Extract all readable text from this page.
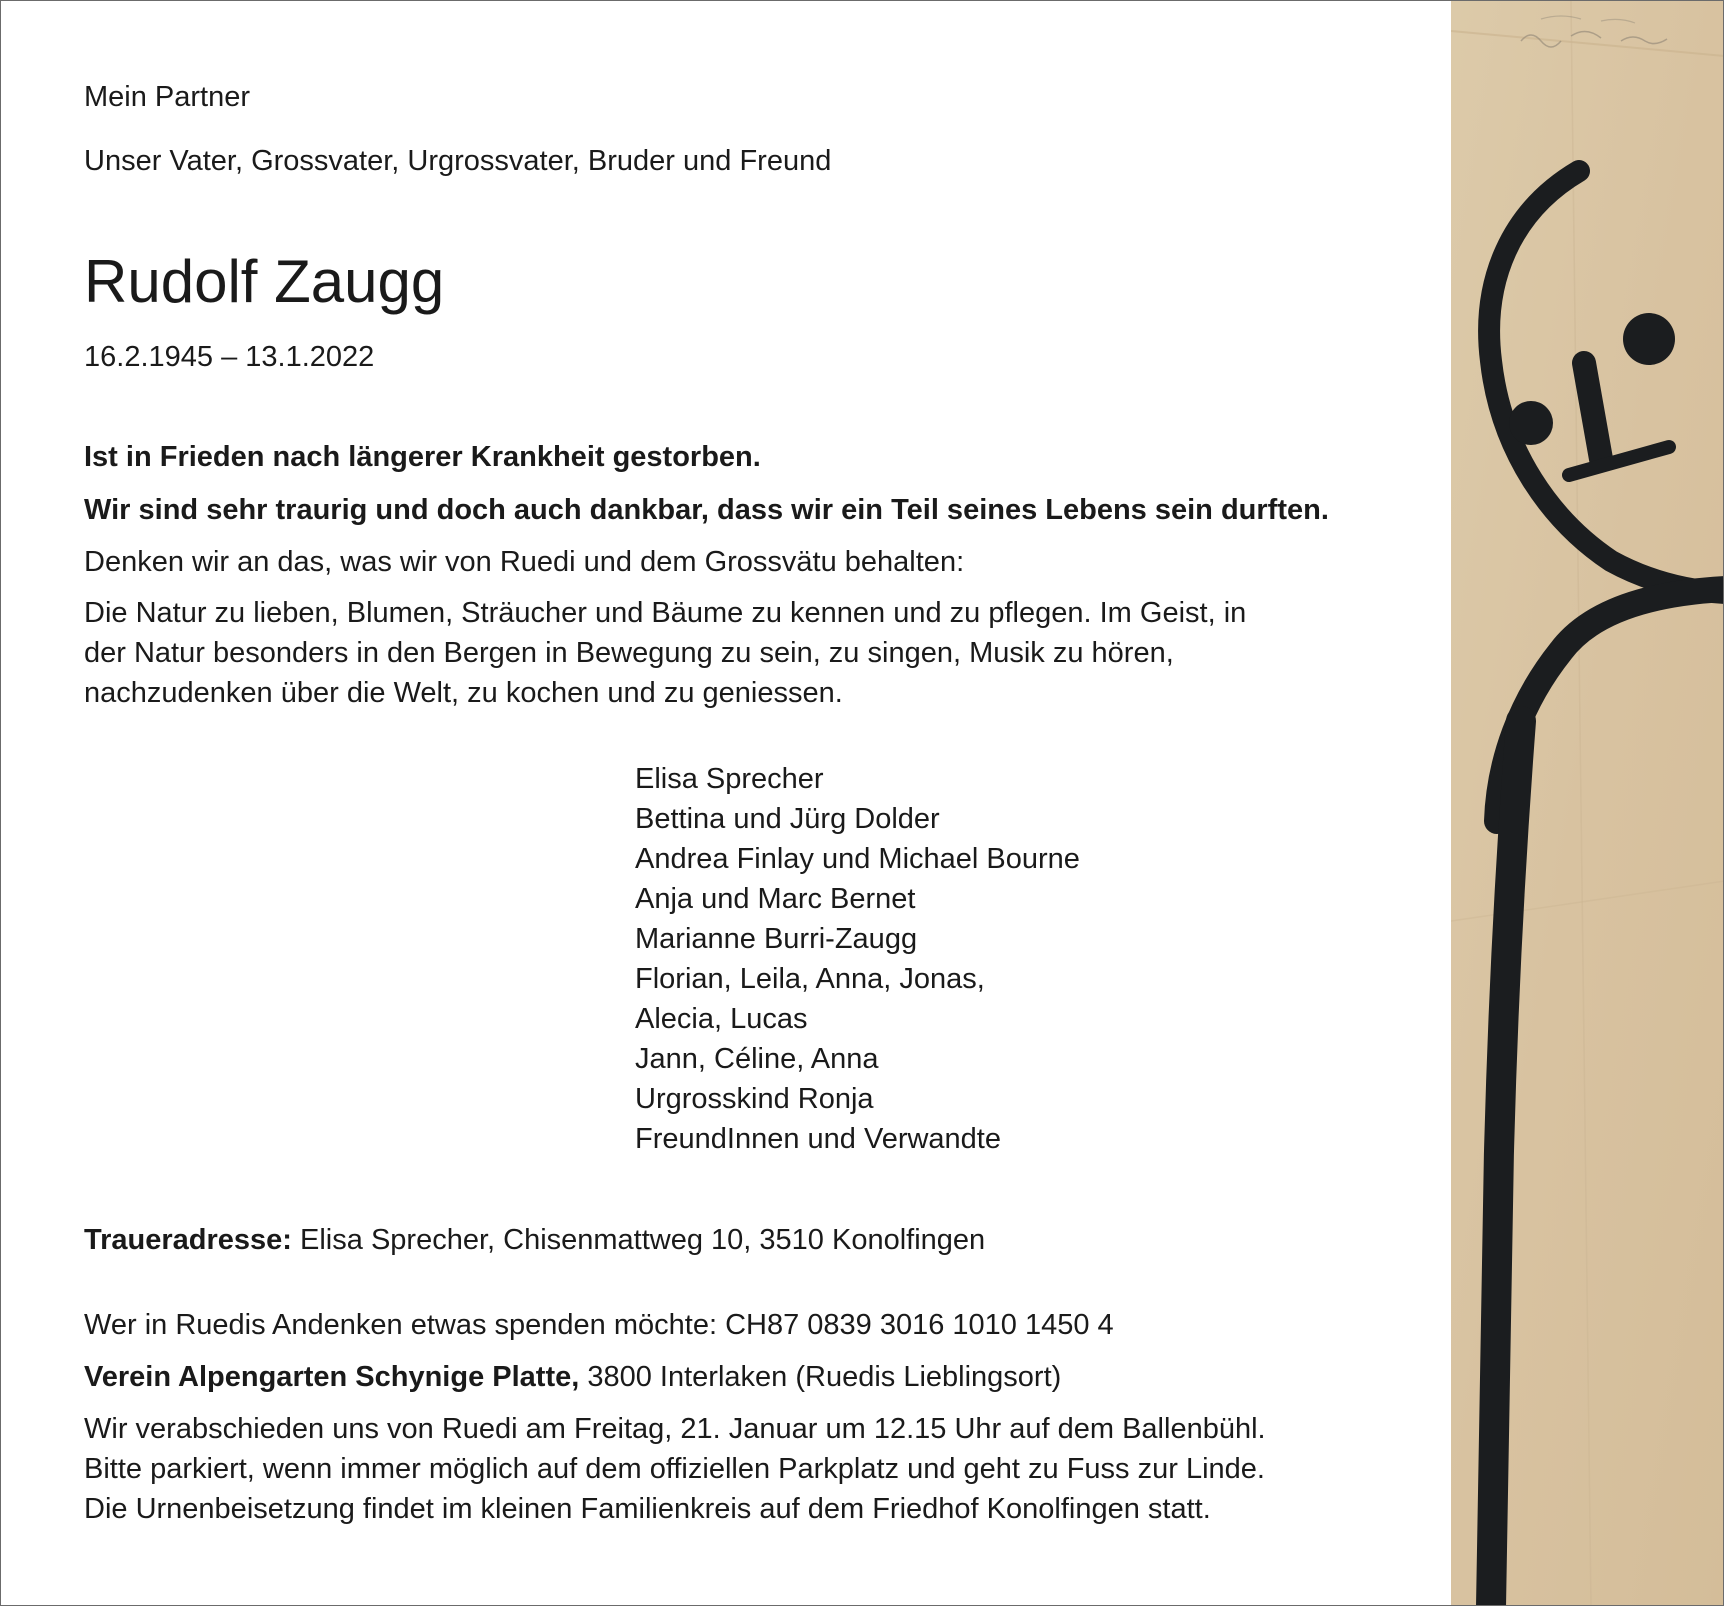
Mein Partner
Unser Vater, Grossvater, Urgrossvater, Bruder und Freund
Rudolf Zaugg
16.2.1945 – 13.1.2022
Ist in Frieden nach längerer Krankheit gestorben.
Wir sind sehr traurig und doch auch dankbar, dass wir ein Teil seines Lebens sein durften.
Denken wir an das, was wir von Ruedi und dem Grossvätu behalten:
Die Natur zu lieben, Blumen, Sträucher und Bäume zu kennen und zu pflegen. Im Geist, in
der Natur besonders in den Bergen in Bewegung zu sein, zu singen, Musik zu hören,
nachzudenken über die Welt, zu kochen und zu geniessen.
Elisa Sprecher
Bettina und Jürg Dolder
Andrea Finlay und Michael Bourne
Anja und Marc Bernet
Marianne Burri-Zaugg
Florian, Leila, Anna, Jonas,
Alecia, Lucas
Jann, Céline, Anna
Urgrosskind Ronja
FreundInnen und Verwandte
Traueradresse: Elisa Sprecher, Chisenmattweg 10, 3510 Konolfingen
Wer in Ruedis Andenken etwas spenden möchte: CH87 0839 3016 1010 1450 4
Verein Alpengarten Schynige Platte, 3800 Interlaken (Ruedis Lieblingsort)
Wir verabschieden uns von Ruedi am Freitag, 21. Januar um 12.15 Uhr auf dem Ballenbühl.
Bitte parkiert, wenn immer möglich auf dem offiziellen Parkplatz und geht zu Fuss zur Linde.
Die Urnenbeisetzung findet im kleinen Familienkreis auf dem Friedhof Konolfingen statt.
